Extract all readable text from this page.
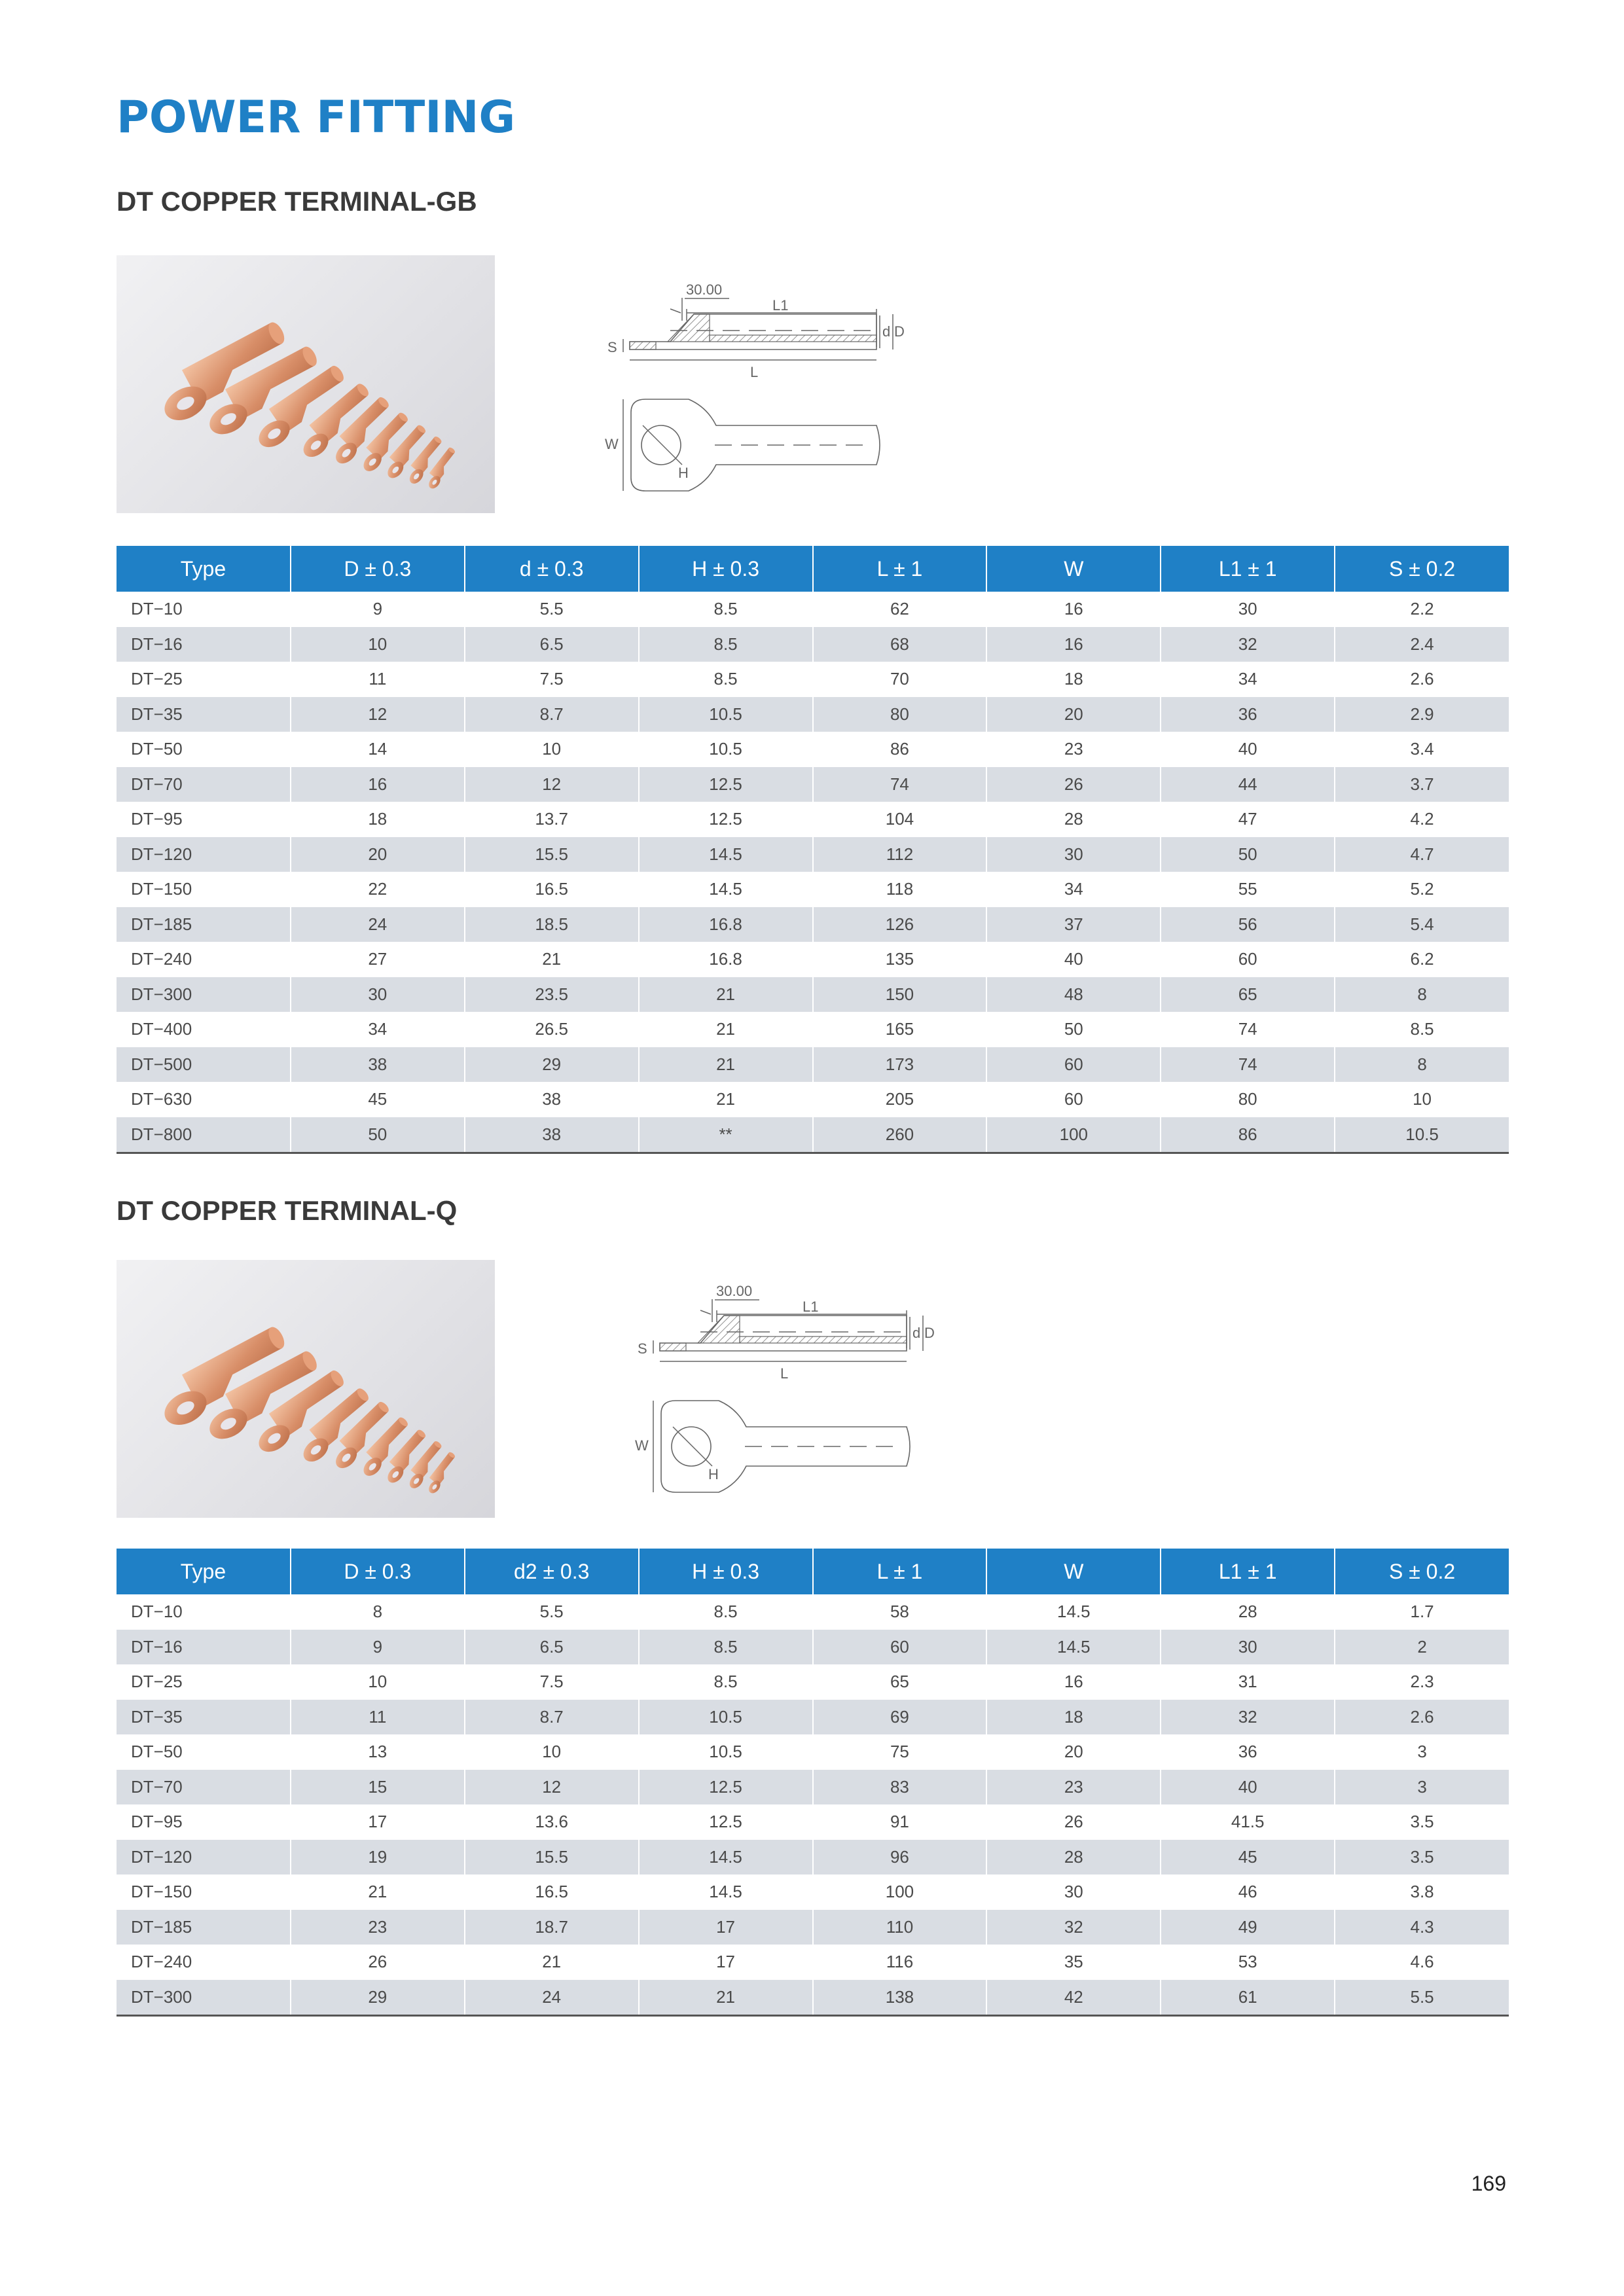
POWER FITTING
DT COPPER TERMINAL-GB
Type	D ± 0.3	d ± 0.3	H ± 0.3	L ± 1	W	L1 ± 1	S ± 0.2
DT−10	9	5.5	8.5	62	16	30	2.2
DT−16	10	6.5	8.5	68	16	32	2.4
DT−25	11	7.5	8.5	70	18	34	2.6
DT−35	12	8.7	10.5	80	20	36	2.9
DT−50	14	10	10.5	86	23	40	3.4
DT−70	16	12	12.5	74	26	44	3.7
DT−95	18	13.7	12.5	104	28	47	4.2
DT−120	20	15.5	14.5	112	30	50	4.7
DT−150	22	16.5	14.5	118	34	55	5.2
DT−185	24	18.5	16.8	126	37	56	5.4
DT−240	27	21	16.8	135	40	60	6.2
DT−300	30	23.5	21	150	48	65	8
DT−400	34	26.5	21	165	50	74	8.5
DT−500	38	29	21	173	60	74	8
DT−630	45	38	21	205	60	80	10
DT−800	50	38	**	260	100	86	10.5
DT COPPER TERMINAL-Q
Type	D ± 0.3	d2 ± 0.3	H ± 0.3	L ± 1	W	L1 ± 1	S ± 0.2
DT−10	8	5.5	8.5	58	14.5	28	1.7
DT−16	9	6.5	8.5	60	14.5	30	2
DT−25	10	7.5	8.5	65	16	31	2.3
DT−35	11	8.7	10.5	69	18	32	2.6
DT−50	13	10	10.5	75	20	36	3
DT−70	15	12	12.5	83	23	40	3
DT−95	17	13.6	12.5	91	26	41.5	3.5
DT−120	19	15.5	14.5	96	28	45	3.5
DT−150	21	16.5	14.5	100	30	46	3.8
DT−185	23	18.7	17	110	32	49	4.3
DT−240	26	21	17	116	35	53	4.6
DT−300	29	24	21	138	42	61	5.5
169
